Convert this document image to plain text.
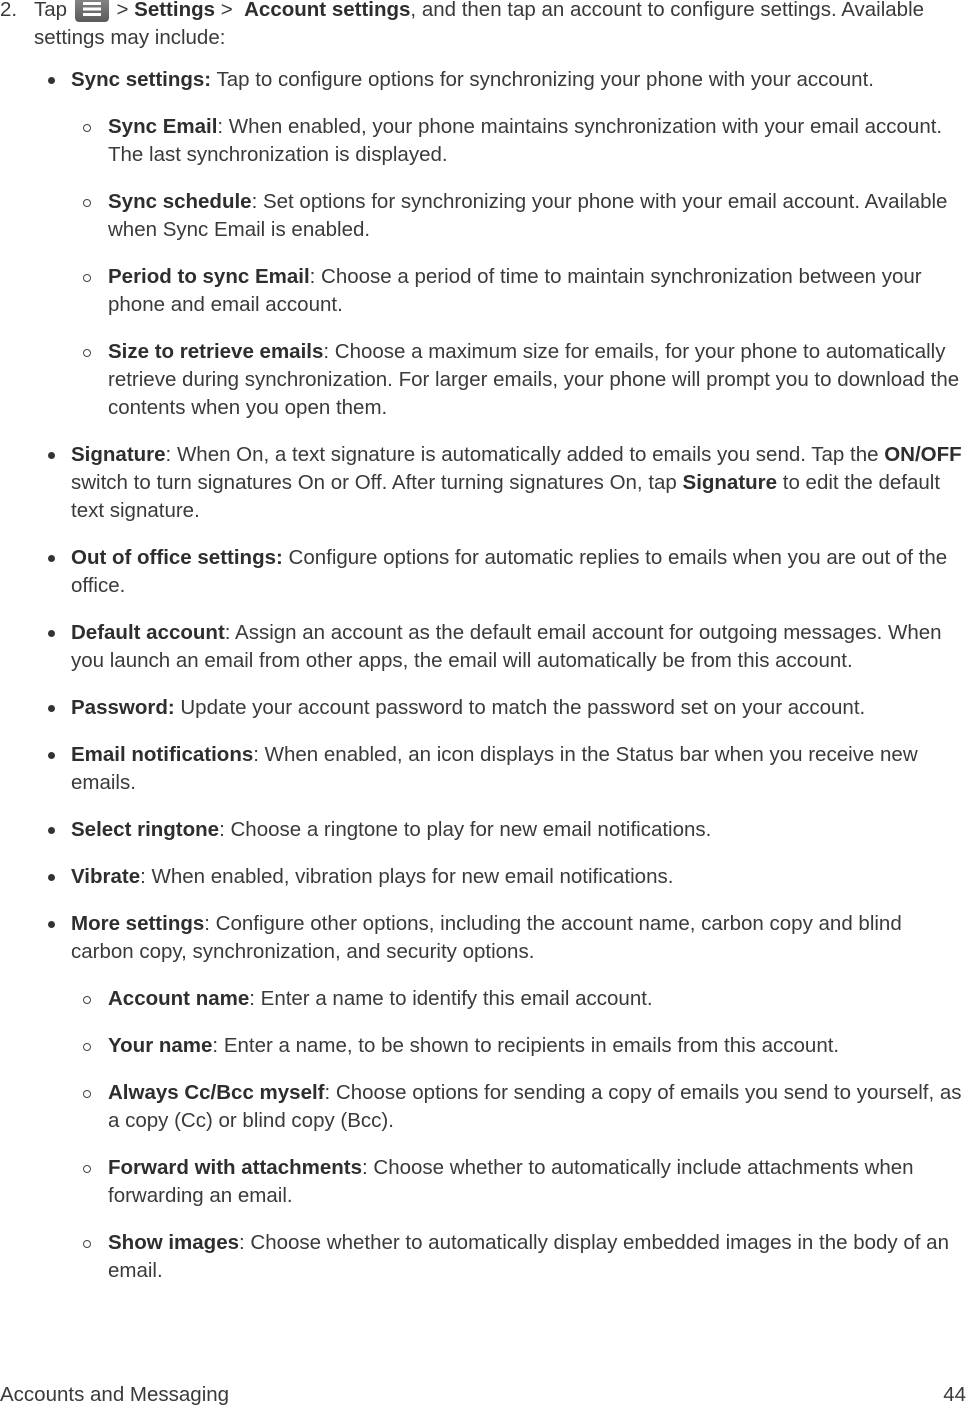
2. Tap > Settings > Account settings, and then tap an account to configure settings. Available settings may include:
Sync settings: Tap to configure options for synchronizing your phone with your account.
Sync Email: When enabled, your phone maintains synchronization with your email account. The last synchronization is displayed.
Sync schedule: Set options for synchronizing your phone with your email account. Available when Sync Email is enabled.
Period to sync Email: Choose a period of time to maintain synchronization between your phone and email account.
Size to retrieve emails: Choose a maximum size for emails, for your phone to automatically retrieve during synchronization. For larger emails, your phone will prompt you to download the contents when you open them.
Signature: When On, a text signature is automatically added to emails you send. Tap the ON/OFF switch to turn signatures On or Off. After turning signatures On, tap Signature to edit the default text signature.
Out of office settings: Configure options for automatic replies to emails when you are out of the office.
Default account: Assign an account as the default email account for outgoing messages. When you launch an email from other apps, the email will automatically be from this account.
Password: Update your account password to match the password set on your account.
Email notifications: When enabled, an icon displays in the Status bar when you receive new emails.
Select ringtone: Choose a ringtone to play for new email notifications.
Vibrate: When enabled, vibration plays for new email notifications.
More settings: Configure other options, including the account name, carbon copy and blind carbon copy, synchronization, and security options.
Account name: Enter a name to identify this email account.
Your name: Enter a name, to be shown to recipients in emails from this account.
Always Cc/Bcc myself: Choose options for sending a copy of emails you send to yourself, as a copy (Cc) or blind copy (Bcc).
Forward with attachments: Choose whether to automatically include attachments when forwarding an email.
Show images: Choose whether to automatically display embedded images in the body of an email.
Accounts and Messaging	44
